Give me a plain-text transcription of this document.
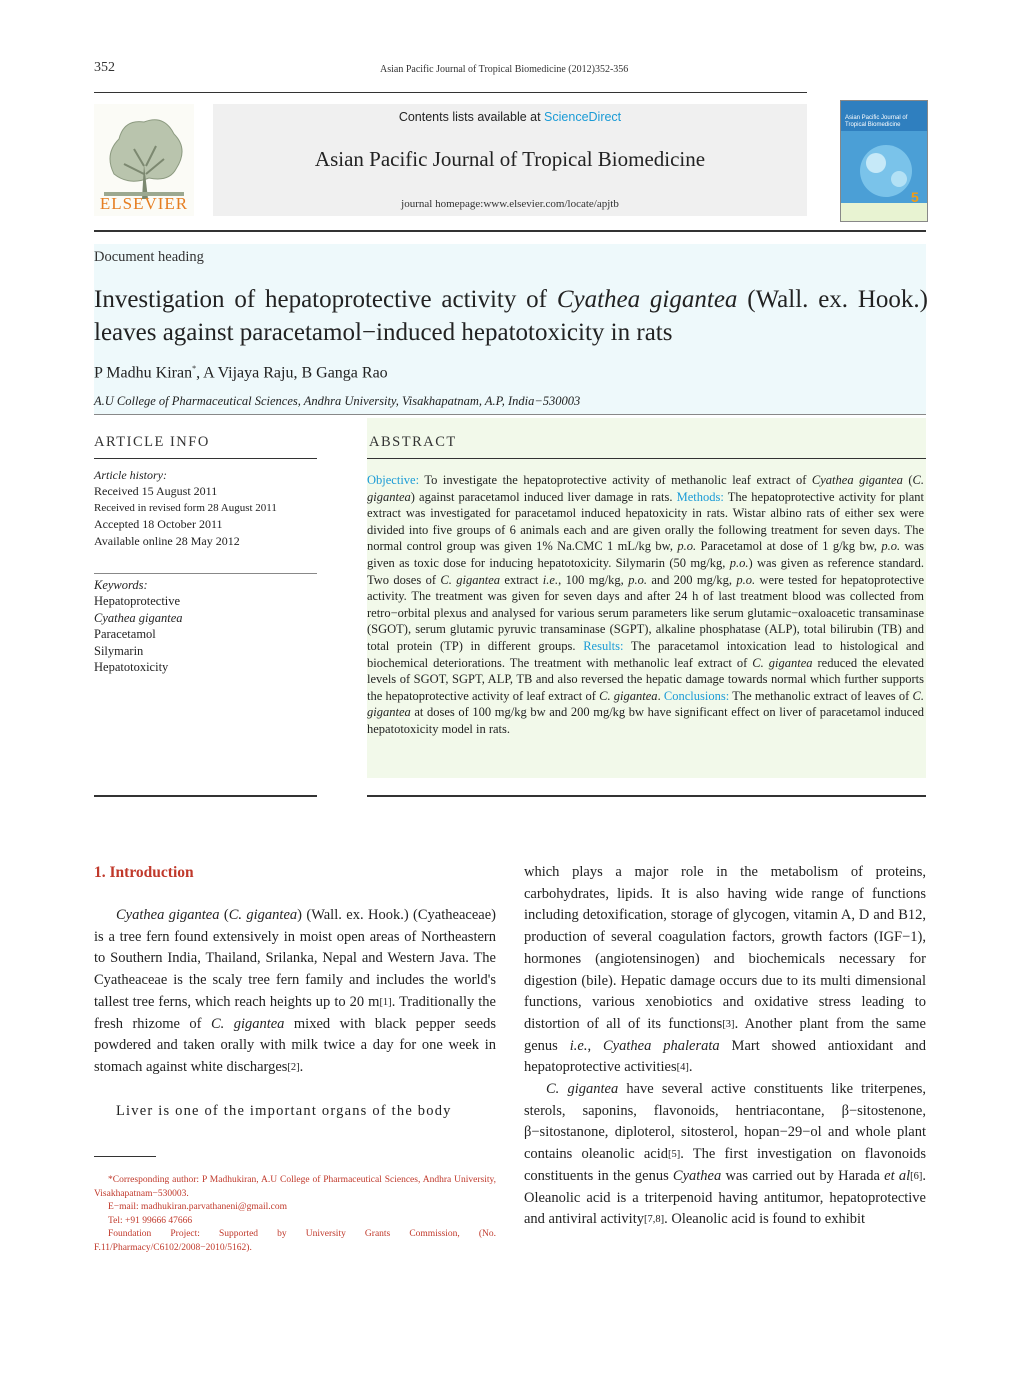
352	Asian Pacific Journal of Tropical Biomedicine (2012)352-356
ELSEVIER
Contents lists available at ScienceDirect
Asian Pacific Journal of Tropical Biomedicine
journal homepage:www.elsevier.com/locate/apjtb
Asian Pacific Journal of Tropical Biomedicine
5
Document heading
Investigation of hepatoprotective activity of Cyathea gigantea (Wall. ex. Hook.) leaves against paracetamol−induced hepatotoxicity in rats
P Madhu Kiran*, A Vijaya Raju, B Ganga Rao
A.U College of Pharmaceutical Sciences, Andhra University, Visakhapatnam, A.P, India−530003
ARTICLE INFO
Article history:
Received 15 August 2011
Received in revised form 28 August 2011
Accepted 18 October 2011
Available online 28 May 2012
Keywords:
Hepatoprotective
Cyathea gigantea
Paracetamol
Silymarin
Hepatotoxicity
ABSTRACT
Objective: To investigate the hepatoprotective activity of methanolic leaf extract of Cyathea gigantea (C. gigantea) against paracetamol induced liver damage in rats. Methods: The hepatoprotective activity for plant extract was investigated for paracetamol induced hepatoxicity in rats. Wistar albino rats of either sex were divided into five groups of 6 animals each and are given orally the following treatment for seven days. The normal control group was given 1% Na.CMC 1 mL/kg bw, p.o. Paracetamol at dose of 1 g/kg bw, p.o. was given as toxic dose for inducing hepatotoxicity. Silymarin (50 mg/kg, p.o.) was given as reference standard. Two doses of C. gigantea extract i.e., 100 mg/kg, p.o. and 200 mg/kg, p.o. were tested for hepatoprotective activity. The treatment was given for seven days and after 24 h of last treatment blood was collected from retro−orbital plexus and analysed for various serum parameters like serum glutamic−oxaloacetic transaminase (SGOT), serum glutamic pyruvic transaminase (SGPT), alkaline phosphatase (ALP), total bilirubin (TB) and total protein (TP) in different groups. Results: The paracetamol intoxication lead to histological and biochemical deteriorations. The treatment with methanolic leaf extract of C. gigantea reduced the elevated levels of SGOT, SGPT, ALP, TB and also reversed the hepatic damage towards normal which further supports the hepatoprotective activity of leaf extract of C. gigantea. Conclusions: The methanolic extract of leaves of C. gigantea at doses of 100 mg/kg bw and 200 mg/kg bw have significant effect on liver of paracetamol induced hepatotoxicity model in rats.
1. Introduction
Cyathea gigantea (C. gigantea) (Wall. ex. Hook.) (Cyatheaceae) is a tree fern found extensively in moist open areas of Northeastern to Southern India, Thailand, Srilanka, Nepal and Western Java. The Cyatheaceae is the scaly tree fern family and includes the world's tallest tree ferns, which reach heights up to 20 m[1]. Traditionally the fresh rhizome of C. gigantea mixed with black pepper seeds powdered and taken orally with milk twice a day for one week in stomach against white discharges[2].
Liver is one of the important organs of the body
*Corresponding author: P Madhukiran, A.U College of Pharmaceutical Sciences, Andhra University, Visakhapatnam−530003.
E−mail: madhukiran.parvathaneni@gmail.com
Tel: +91 99666 47666
Foundation Project: Supported by University Grants Commission, (No. F.11/Pharmacy/C6102/2008−2010/5162).
which plays a major role in the metabolism of proteins, carbohydrates, lipids. It is also having wide range of functions including detoxification, storage of glycogen, vitamin A, D and B12, production of several coagulation factors, growth factors (IGF−1), hormones (angiotensinogen) and biochemicals necessary for digestion (bile). Hepatic damage occurs due to its multi dimensional functions, various xenobiotics and oxidative stress leading to distortion of all of its functions[3]. Another plant from the same genus i.e., Cyathea phalerata Mart showed antioxidant and hepatoprotective activities[4].
C. gigantea have several active constituents like triterpenes, sterols, saponins, flavonoids, hentriacontane, β−sitostenone, β−sitostanone, diploterol, sitosterol, hopan−29−ol and whole plant contains oleanolic acid[5]. The first investigation on flavonoids constituents in the genus Cyathea was carried out by Harada et al[6]. Oleanolic acid is a triterpenoid having antitumor, hepatoprotective and antiviral activity[7,8]. Oleanolic acid is found to exhibit
